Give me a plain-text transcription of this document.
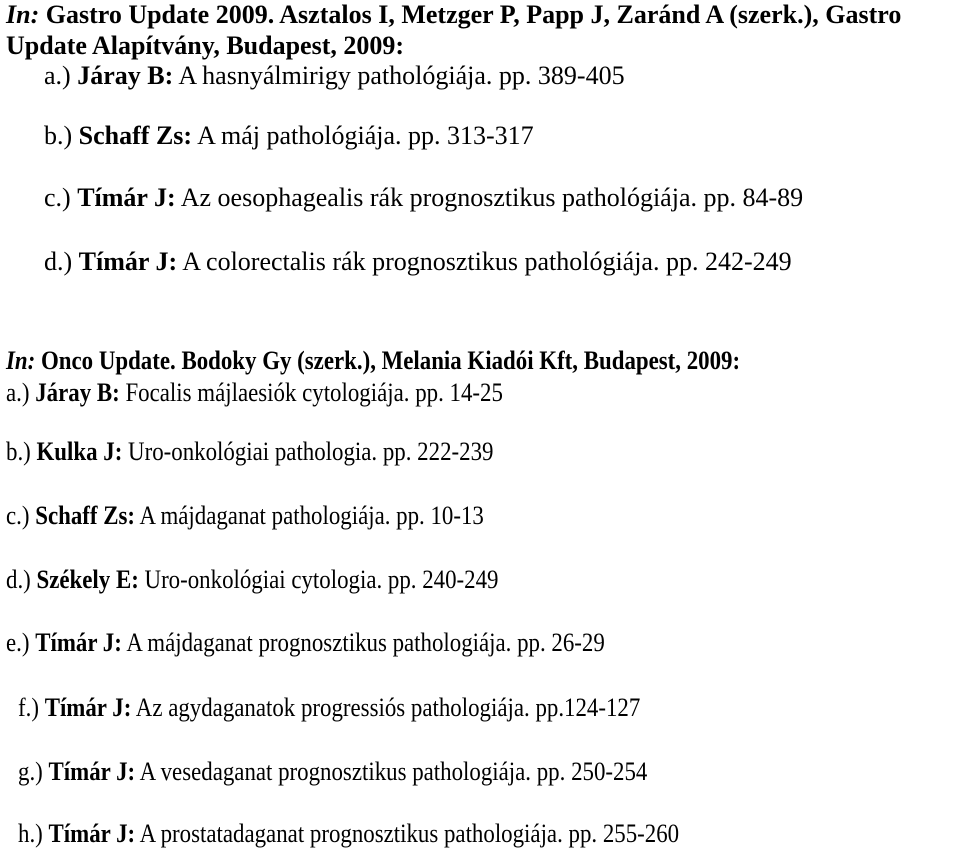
In: Gastro Update 2009. Asztalos I, Metzger P, Papp J, Zaránd A (szerk.), Gastro
Update Alapítvány, Budapest, 2009:
a.) Járay B: A hasnyálmirigy pathológiája. pp. 389-405
b.) Schaff Zs: A máj pathológiája. pp. 313-317
c.) Tímár J: Az oesophagealis rák prognosztikus pathológiája. pp. 84-89
d.) Tímár J: A colorectalis rák prognosztikus pathológiája. pp. 242-249
In: Onco Update. Bodoky Gy (szerk.), Melania Kiadói Kft, Budapest, 2009:
a.) Járay B: Focalis májlaesiók cytologiája. pp. 14-25
b.) Kulka J: Uro-onkológiai pathologia. pp. 222-239
c.) Schaff Zs: A májdaganat pathologiája. pp. 10-13
d.) Székely E: Uro-onkológiai cytologia. pp. 240-249
e.) Tímár J: A májdaganat prognosztikus pathologiája. pp. 26-29
f.) Tímár J: Az agydaganatok progressiós pathologiája. pp.124-127
g.) Tímár J: A vesedaganat prognosztikus pathologiája. pp. 250-254
h.) Tímár J: A prostatadaganat prognosztikus pathologiája. pp. 255-260
